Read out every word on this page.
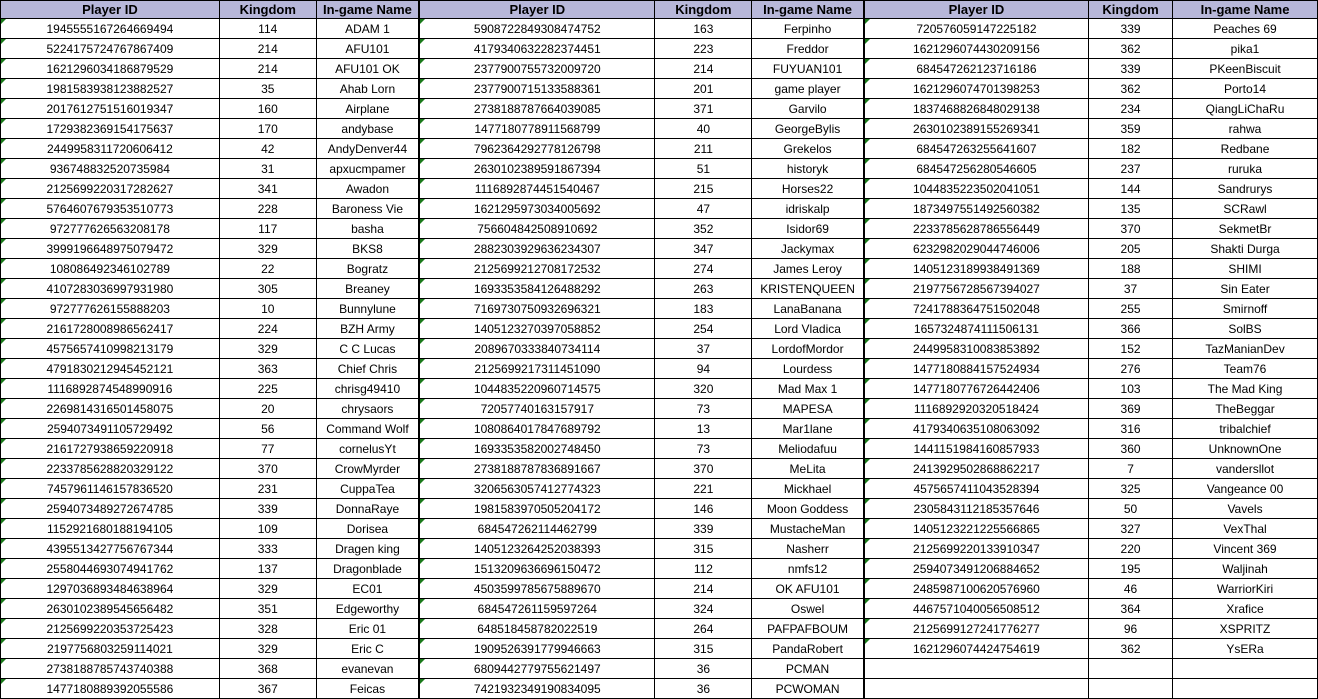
Player ID	Kingdom	In-game Name	Player ID	Kingdom	In-game Name	Player ID	Kingdom	In-game Name
1945555167264669494	114	ADAM 1	5908722849308474752	163	Ferpinho	720576059147225182	339	Peaches 69
5224175724767867409	214	AFU101	4179340632282374451	223	Freddor	1621296074430209156	362	pika1
1621296034186879529	214	AFU101 OK	2377900755732009720	214	FUYUAN101	684547262123716186	339	PKeenBiscuit
1981583938123882527	35	Ahab Lorn	2377900715133588361	201	game player	1621296074701398253	362	Porto14
2017612751516019347	160	Airplane	2738188787664039085	371	Garvilo	1837468826848029138	234	QiangLiChaRu
1729382369154175637	170	andybase	1477180778911568799	40	GeorgeBylis	2630102389155269341	359	rahwa
2449958311720606412	42	AndyDenver44	7962364292778126798	211	Grekelos	684547263255641607	182	Redbane
936748832520735984	31	apxucmpamer	2630102389591867394	51	historyk	684547256280546605	237	ruruka
2125699220317282627	341	Awadon	1116892874451540467	215	Horses22	1044835223502041051	144	Sandrurys
5764607679353510773	228	Baroness Vie	1621295973034005692	47	idriskalp	1873497551492560382	135	SCRawl
972777626563208178	117	basha	756604842508910692	352	Isidor69	2233785628786556449	370	SekmetBr
3999196648975079472	329	BKS8	2882303929636234307	347	Jackymax	6232982029044746006	205	Shakti Durga
1080864923461027​89	22	Bogratz	2125699212708172532	274	James Leroy	1405123189938491369	188	SHIMI
4107283036997931980	305	Breaney	1693353584126488292	263	KRISTENQUEEN	2197756728567394027	37	Sin Eater
972777626155888203	10	Bunnylune	7169730750932696321	183	LanaBanana	7241788364751502048	255	Smirnoff
2161728008986562417	224	BZH Army	1405123270397058852	254	Lord Vladica	1657324874111506131	366	SolBS
4575657410998213179	329	C C Lucas	2089670333840734114	37	LordofMordor	2449958310083853892	152	TazManianDev
4791830212945452121	363	Chief Chris	2125699217311451090	94	Lourdess	1477180884157524934	276	Team76
1116892874548990916	225	chrisg49410	1044835220960714575	320	Mad Max 1	1477180776726442406	103	The Mad King
2269814316501458075	20	chrysaors	720577401631579​17	73	MAPESA	1116892920320518424	369	TheBeggar
2594073491105729492	56	Command Wolf	1080864017847689792	13	Mar1lane	4179340635108063092	316	tribalchief
2161727938659220918	77	cornelusYt	1693353582002748450	73	Meliodafuu	1441151984160857933	360	UnknownOne
2233785628820329122	370	CrowMyrder	2738188787836891667	370	MeLita	2413929502868862217	7	vandersllot
7457961146157836520	231	CuppaTea	3206563057412774323	221	Mickhael	4575657411043528394	325	Vangeance 00
2594073489272674785	339	DonnaRaye	1981583970505204172	146	Moon Goddess	2305843112185357646	50	Vavels
1152921680188194105	109	Dorisea	684547262114462799	339	MustacheMan	1405123221225566865	327	VexThal
4395513427756767344	333	Dragen king	1405123264252038393	315	Nasherr	2125699220133910347	220	Vincent 369
2558044693074941762	137	Dragonblade	1513209636696150472	112	nmfs12	2594073491206884652	195	Waljinah
1297036893484638964	329	EC01	4503599785675889670	214	OK AFU101	2485987100620576960	46	WarriorKiri
2630102389545656482	351	Edgeworthy	684547261159597264	324	Oswel	4467571040056508512	364	Xrafice
2125699220353725423	328	Eric 01	648518458782022519	264	PAFPAFBOUM	2125699127241776277	96	XSPRITZ
2197756803259114021	329	Eric C	1909526391779946663	315	PandaRobert	1621296074424754619	362	YsERa
2738188785743740388	368	evanevan	6809442779755621497	36	PCMAN			
1477180889392055586	367	Feicas	7421932349190834095	36	PCWOMAN			
